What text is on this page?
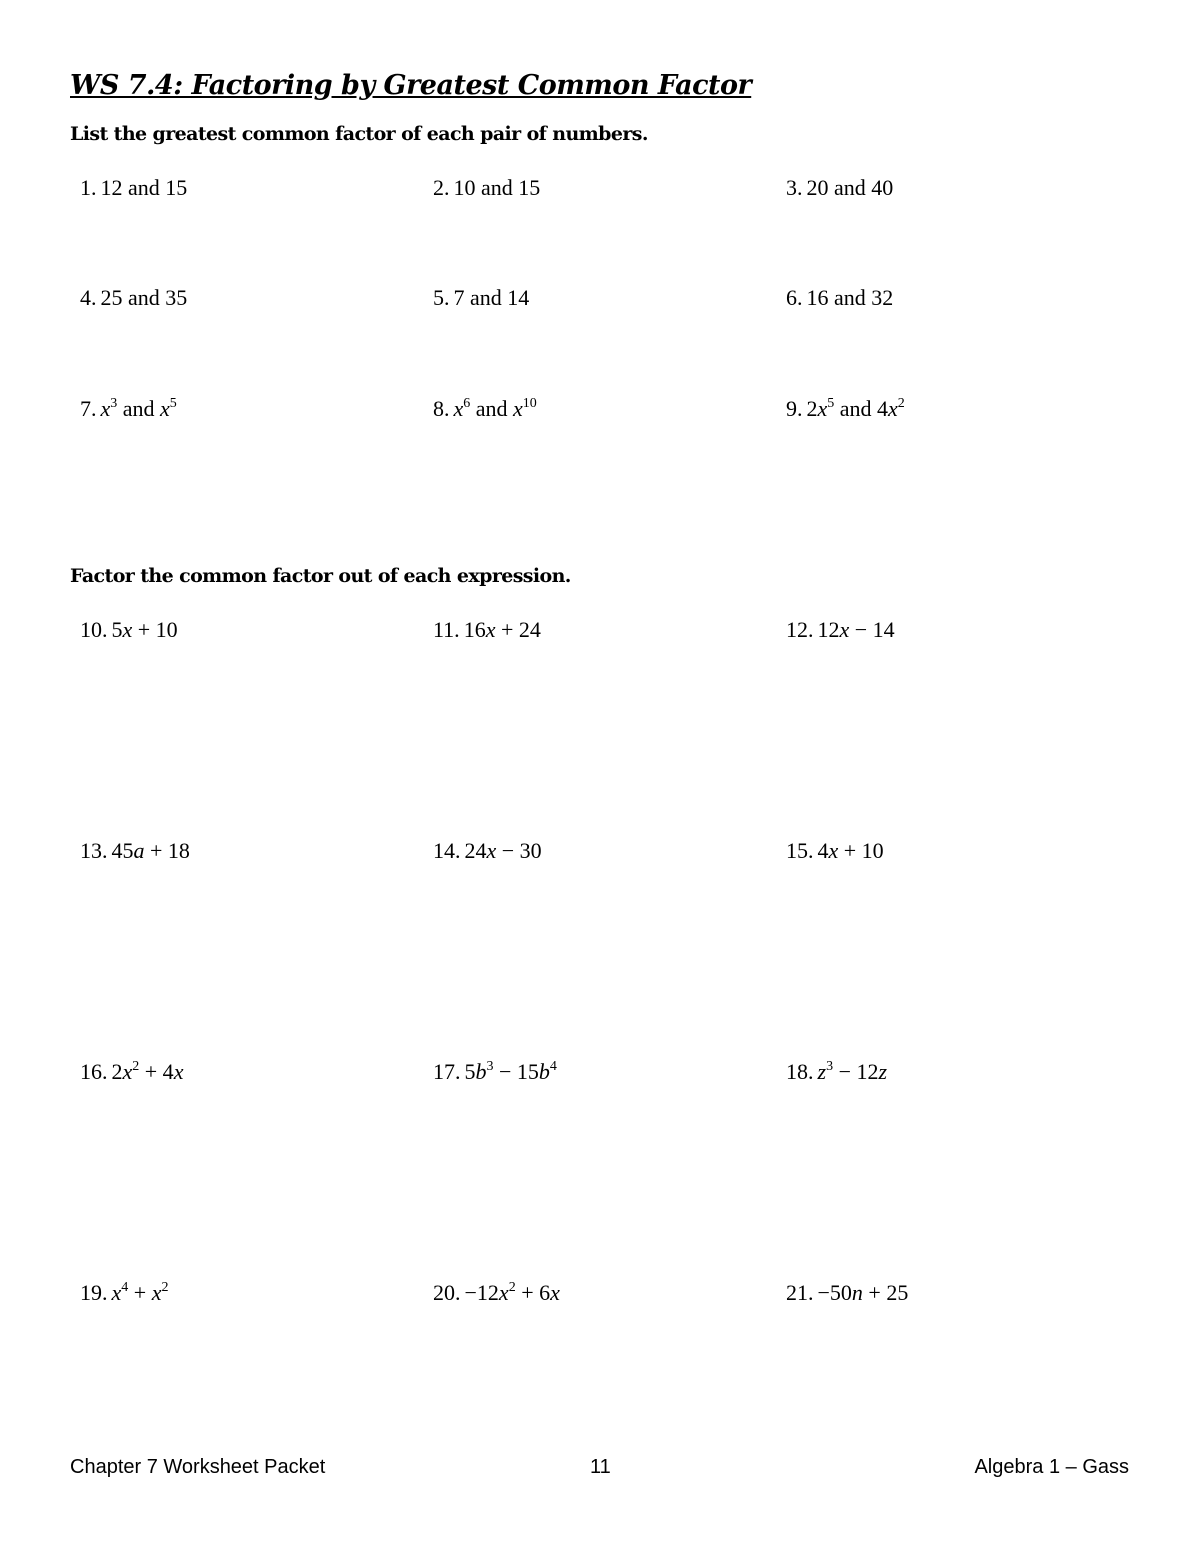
WS 7.4: Factoring by Greatest Common Factor
List the greatest common factor of each pair of numbers.
1. 12 and 15	2. 10 and 15	3. 20 and 40
4. 25 and 35	5. 7 and 14	6. 16 and 32
7. $x^3$ and $x^5$	8. $x^6$ and $x^{10}$	9. $2x^5$ and $4x^2$
Factor the common factor out of each expression.
10. 5x + 10	11. 16x + 24	12. 12x − 14
13. 45a + 18	14. 24x − 30	15. 4x + 10
16. $2x^2 + 4x$	17. $5b^3 - 15b^4$	18. $z^3 - 12z$
19. $x^4 + x^2$	20. $-12x^2 + 6x$	21. −50n + 25
Chapter 7 Worksheet Packet	11	Algebra 1 – Gass
